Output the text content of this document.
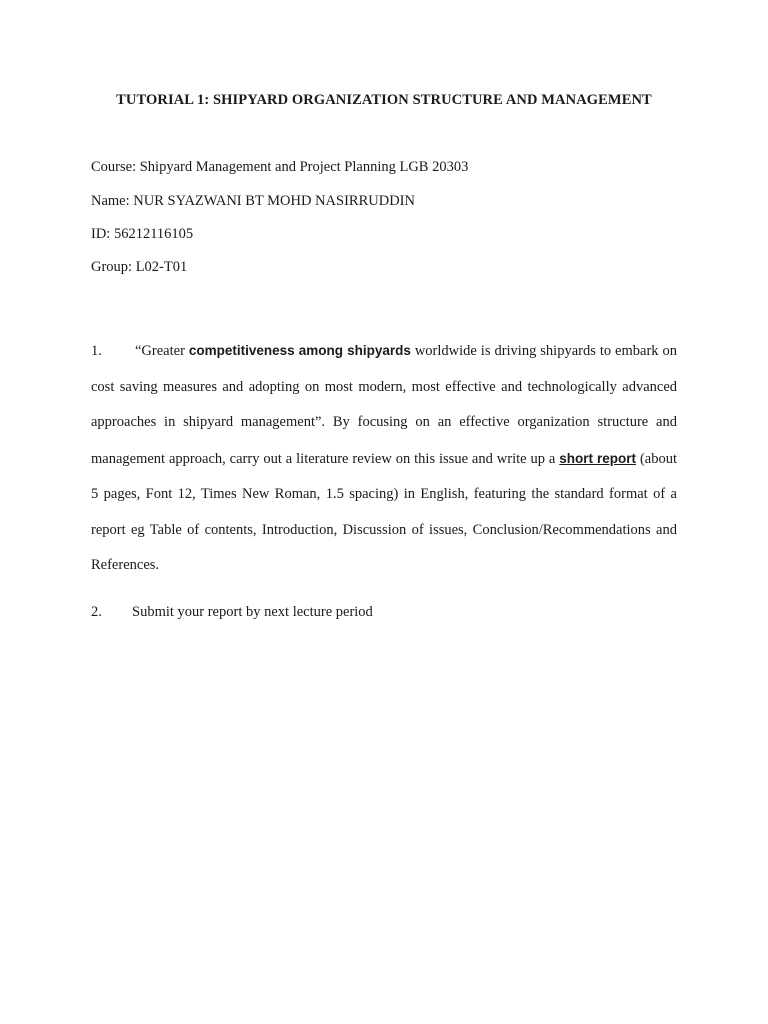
TUTORIAL 1: SHIPYARD ORGANIZATION STRUCTURE AND MANAGEMENT
Course: Shipyard Management and Project Planning LGB 20303
Name: NUR SYAZWANI BT MOHD NASIRRUDDIN
ID: 56212116105
Group: L02-T01
1. “Greater competitiveness among shipyards worldwide is driving shipyards to embark on cost saving measures and adopting on most modern, most effective and technologically advanced approaches in shipyard management”. By focusing on an effective organization structure and management approach, carry out a literature review on this issue and write up a short report (about 5 pages, Font 12, Times New Roman, 1.5 spacing) in English, featuring the standard format of a report eg Table of contents, Introduction, Discussion of issues, Conclusion/Recommendations and References.
2. Submit your report by next lecture period
